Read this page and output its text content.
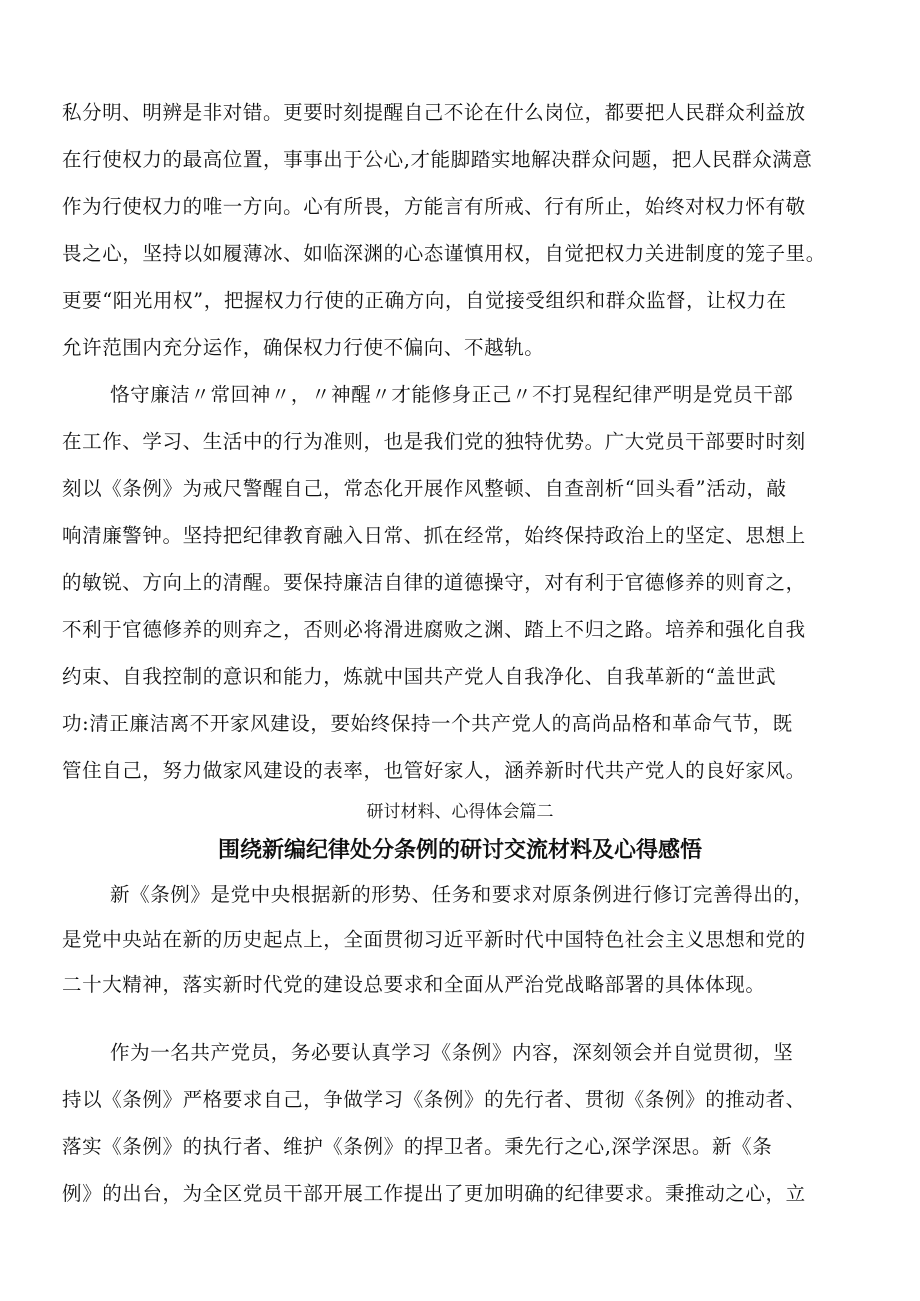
私分明、明辨是非对错。更要时刻提醒自己不论在什么岗位，都要把人民群众利益放
在行使权力的最高位置，事事出于公心,才能脚踏实地解决群众问题，把人民群众满意
作为行使权力的唯一方向。心有所畏，方能言有所戒、行有所止，始终对权力怀有敬
畏之心，坚持以如履薄冰、如临深渊的心态谨慎用权，自觉把权力关进制度的笼子里。
更要“阳光用权”，把握权力行使的正确方向，自觉接受组织和群众监督，让权力在
允许范围内充分运作，确保权力行使不偏向、不越轨。
恪守廉洁〃常回神〃，〃神醒〃才能修身正己〃不打晃程纪律严明是党员干部
在工作、学习、生活中的行为准则，也是我们党的独特优势。广大党员干部要时时刻
刻以《条例》为戒尺警醒自己，常态化开展作风整顿、自查剖析“回头看”活动，敲
响清廉警钟。坚持把纪律教育融入日常、抓在经常，始终保持政治上的坚定、思想上
的敏锐、方向上的清醒。要保持廉洁自律的道德操守，对有利于官德修养的则育之，
不利于官德修养的则弃之，否则必将滑进腐败之渊、踏上不归之路。培养和强化自我
约束、自我控制的意识和能力，炼就中国共产党人自我净化、自我革新的“盖世武
功:清正廉洁离不开家风建设，要始终保持一个共产党人的高尚品格和革命气节，既
管住自己，努力做家风建设的表率，也管好家人，涵养新时代共产党人的良好家风。
研讨材料、心得体会篇二
围绕新编纪律处分条例的研讨交流材料及心得感悟
新《条例》是党中央根据新的形势、任务和要求对原条例进行修订完善得出的，
是党中央站在新的历史起点上，全面贯彻习近平新时代中国特色社会主义思想和党的
二十大精神，落实新时代党的建设总要求和全面从严治党战略部署的具体体现。
作为一名共产党员，务必要认真学习《条例》内容，深刻领会并自觉贯彻，坚
持以《条例》严格要求自己，争做学习《条例》的先行者、贯彻《条例》的推动者、
落实《条例》的执行者、维护《条例》的捍卫者。秉先行之心,深学深思。新《条
例》的出台，为全区党员干部开展工作提出了更加明确的纪律要求。秉推动之心，立
